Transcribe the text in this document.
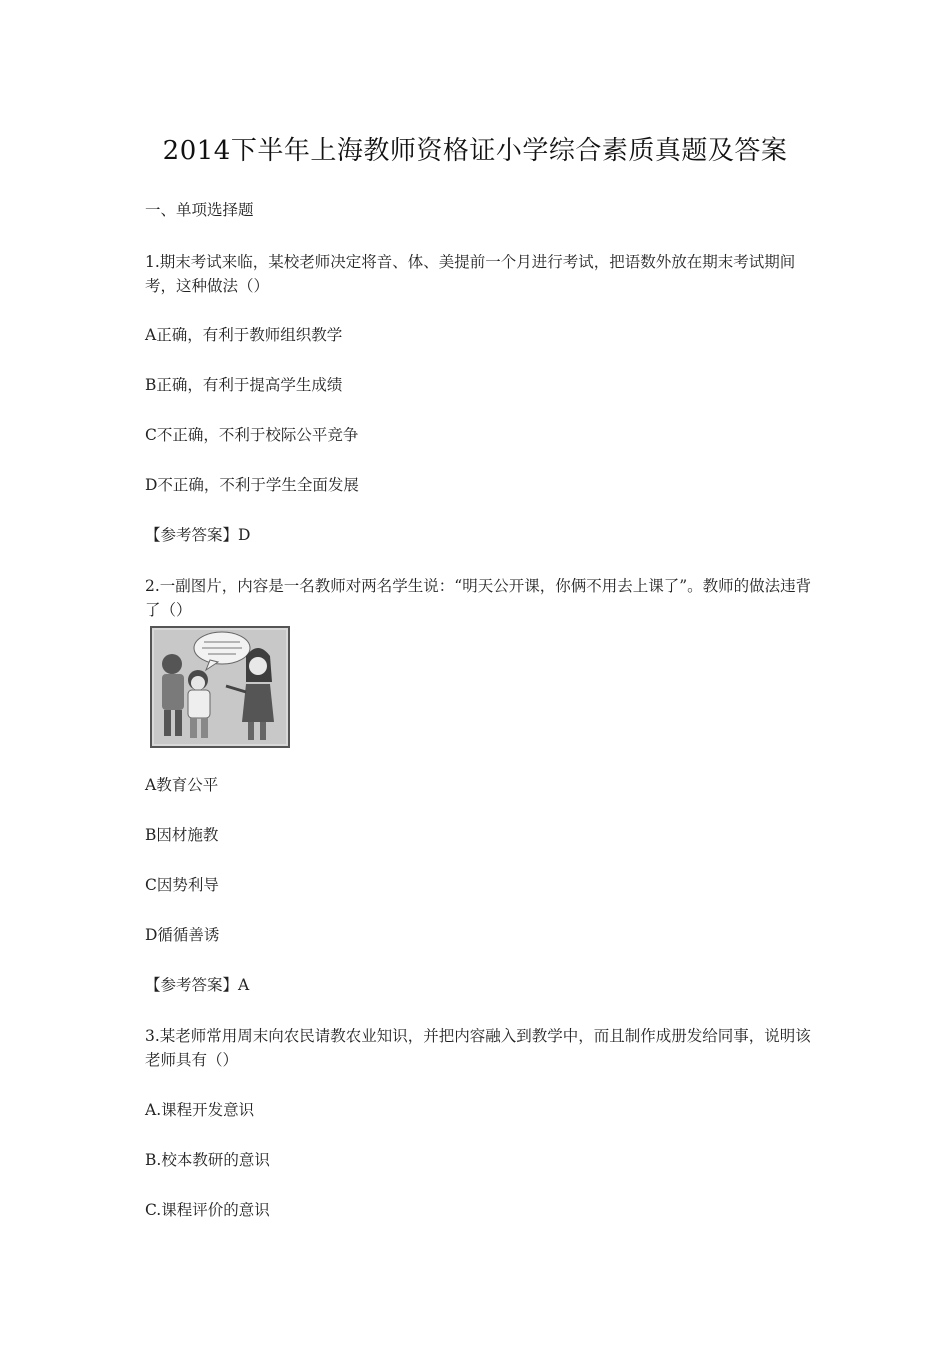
2014下半年上海教师资格证小学综合素质真题及答案
一、单项选择题
1.期末考试来临，某校老师决定将音、体、美提前一个月进行考试，把语数外放在期末考试期间考，这种做法（）
A正确，有利于教师组织教学
B正确，有利于提高学生成绩
C不正确，不利于校际公平竞争
D不正确，不利于学生全面发展
【参考答案】D
2.一副图片，内容是一名教师对两名学生说：“明天公开课，你俩不用去上课了”。教师的做法违背了（）
A教育公平
B因材施教
C因势利导
D循循善诱
【参考答案】A
3.某老师常用周末向农民请教农业知识，并把内容融入到教学中，而且制作成册发给同事，说明该老师具有（）
A.课程开发意识
B.校本教研的意识
C.课程评价的意识
